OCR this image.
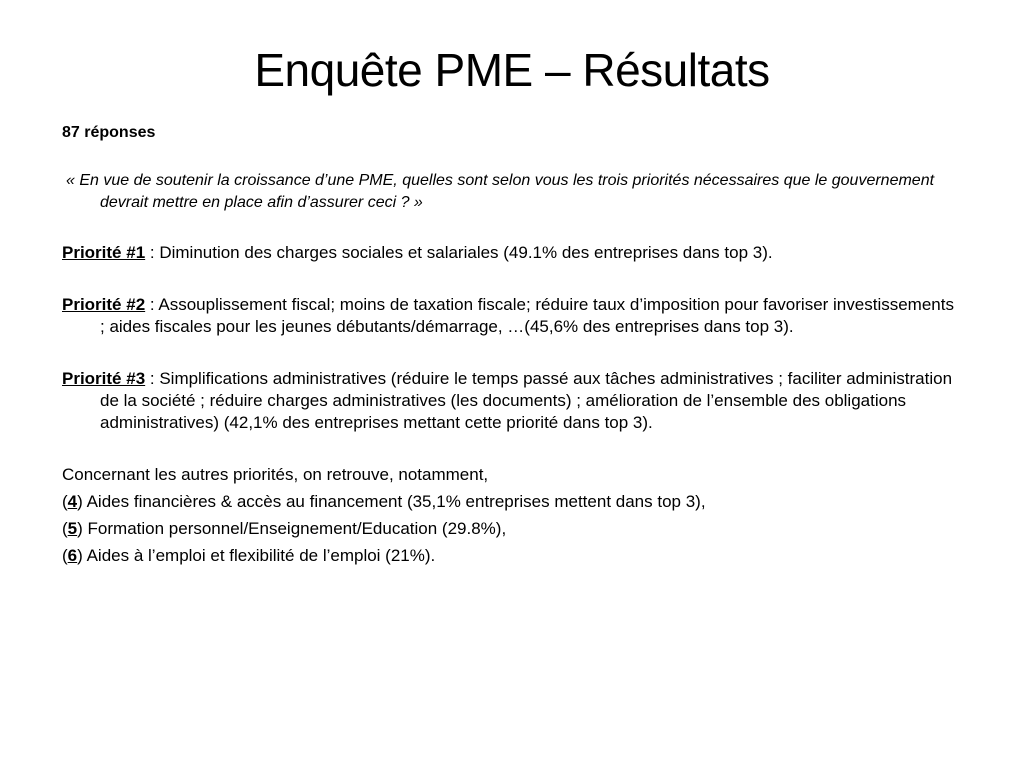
Enquête PME – Résultats

87 réponses

« En vue de soutenir la croissance d’une PME, quelles sont selon vous les trois priorités nécessaires que le gouvernement devrait mettre en place afin d’assurer ceci ? »

Priorité #1 : Diminution des charges sociales et salariales (49.1% des entreprises dans top 3).

Priorité #2 : Assouplissement fiscal; moins de taxation fiscale; réduire taux d’imposition pour favoriser investissements ; aides fiscales pour les jeunes débutants/démarrage, …(45,6% des entreprises dans top 3).

Priorité #3 : Simplifications administratives (réduire le temps passé aux tâches administratives ; faciliter administration de la société ; réduire charges administratives (les documents) ; amélioration de l’ensemble des obligations administratives) (42,1% des entreprises mettant cette priorité dans top 3).

Concernant les autres priorités, on retrouve, notamment,

(4) Aides financières & accès au financement (35,1% entreprises mettent dans top 3),

(5) Formation personnel/Enseignement/Education (29.8%),

(6) Aides à l’emploi et flexibilité de l’emploi (21%).
